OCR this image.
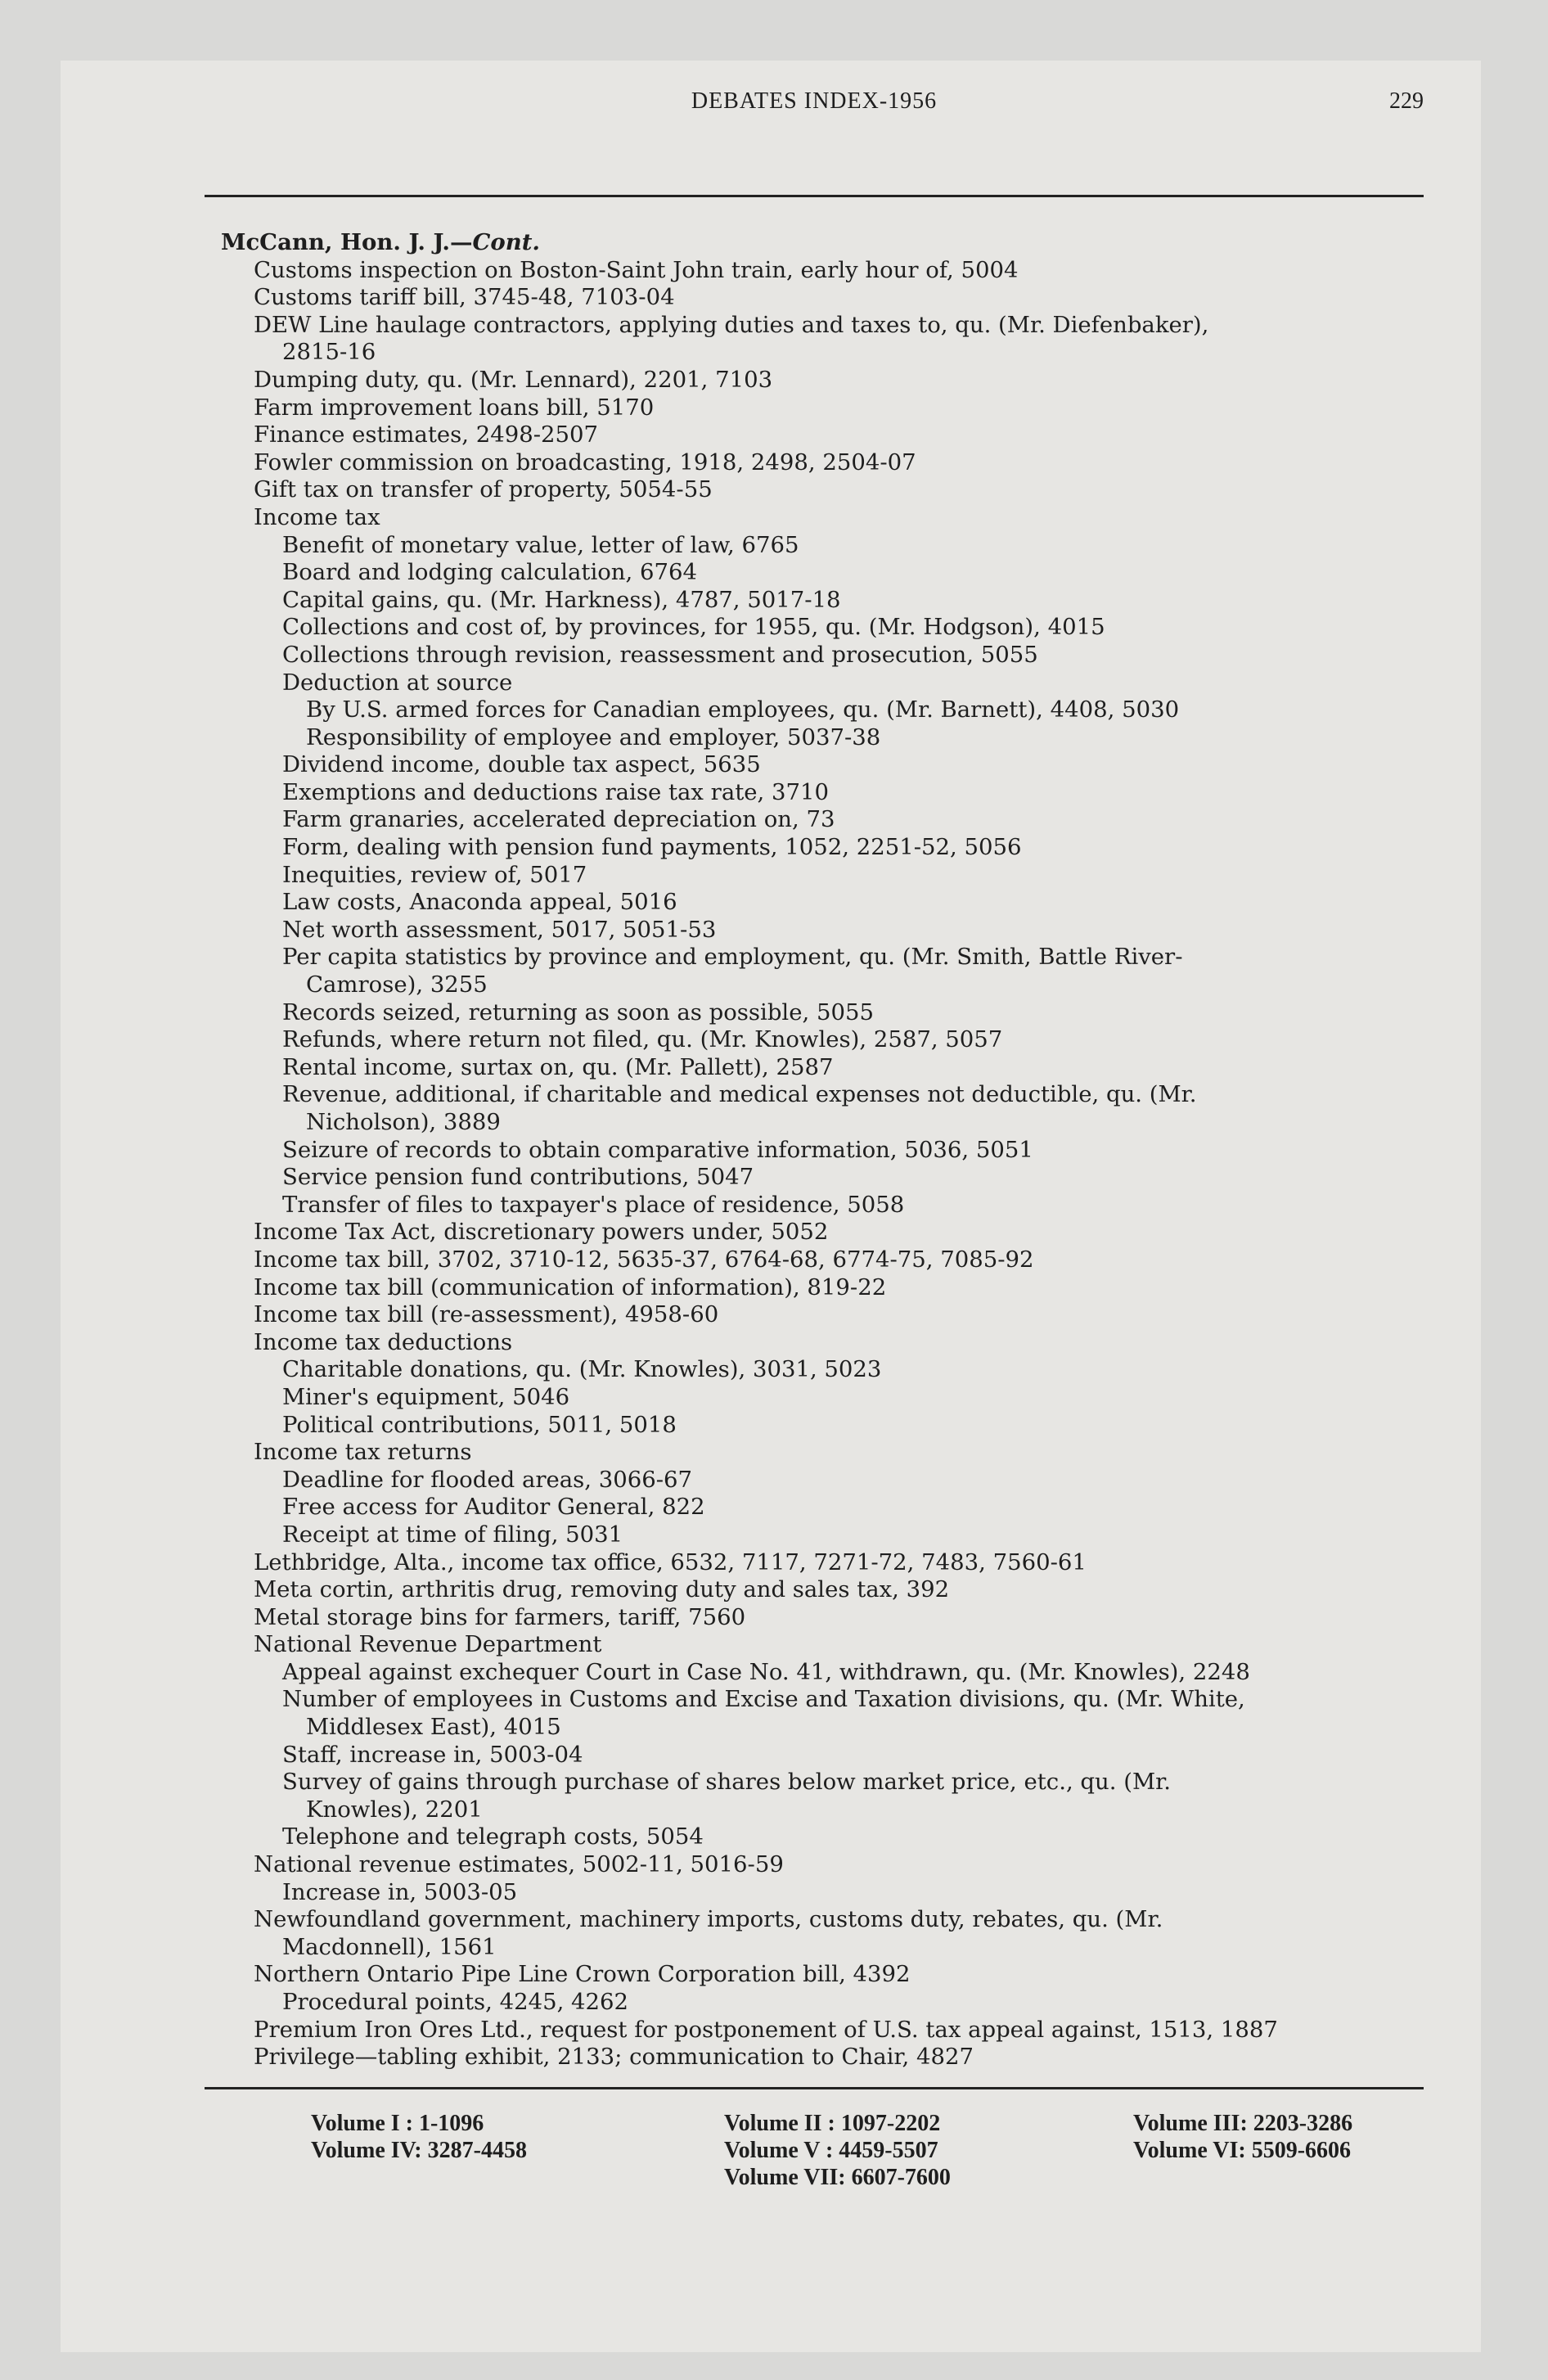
DEBATES INDEX-1956	229
McCann, Hon. J. J.—Cont.
Customs inspection on Boston-Saint John train, early hour of, 5004
Customs tariff bill, 3745-48, 7103-04
DEW Line haulage contractors, applying duties and taxes to, qu. (Mr. Diefenbaker),
2815-16
Dumping duty, qu. (Mr. Lennard), 2201, 7103
Farm improvement loans bill, 5170
Finance estimates, 2498-2507
Fowler commission on broadcasting, 1918, 2498, 2504-07
Gift tax on transfer of property, 5054-55
Income tax
Benefit of monetary value, letter of law, 6765
Board and lodging calculation, 6764
Capital gains, qu. (Mr. Harkness), 4787, 5017-18
Collections and cost of, by provinces, for 1955, qu. (Mr. Hodgson), 4015
Collections through revision, reassessment and prosecution, 5055
Deduction at source
By U.S. armed forces for Canadian employees, qu. (Mr. Barnett), 4408, 5030
Responsibility of employee and employer, 5037-38
Dividend income, double tax aspect, 5635
Exemptions and deductions raise tax rate, 3710
Farm granaries, accelerated depreciation on, 73
Form, dealing with pension fund payments, 1052, 2251-52, 5056
Inequities, review of, 5017
Law costs, Anaconda appeal, 5016
Net worth assessment, 5017, 5051-53
Per capita statistics by province and employment, qu. (Mr. Smith, Battle River-
Camrose), 3255
Records seized, returning as soon as possible, 5055
Refunds, where return not filed, qu. (Mr. Knowles), 2587, 5057
Rental income, surtax on, qu. (Mr. Pallett), 2587
Revenue, additional, if charitable and medical expenses not deductible, qu. (Mr.
Nicholson), 3889
Seizure of records to obtain comparative information, 5036, 5051
Service pension fund contributions, 5047
Transfer of files to taxpayer's place of residence, 5058
Income Tax Act, discretionary powers under, 5052
Income tax bill, 3702, 3710-12, 5635-37, 6764-68, 6774-75, 7085-92
Income tax bill (communication of information), 819-22
Income tax bill (re-assessment), 4958-60
Income tax deductions
Charitable donations, qu. (Mr. Knowles), 3031, 5023
Miner's equipment, 5046
Political contributions, 5011, 5018
Income tax returns
Deadline for flooded areas, 3066-67
Free access for Auditor General, 822
Receipt at time of filing, 5031
Lethbridge, Alta., income tax office, 6532, 7117, 7271-72, 7483, 7560-61
Meta cortin, arthritis drug, removing duty and sales tax, 392
Metal storage bins for farmers, tariff, 7560
National Revenue Department
Appeal against exchequer Court in Case No. 41, withdrawn, qu. (Mr. Knowles), 2248
Number of employees in Customs and Excise and Taxation divisions, qu. (Mr. White,
Middlesex East), 4015
Staff, increase in, 5003-04
Survey of gains through purchase of shares below market price, etc., qu. (Mr.
Knowles), 2201
Telephone and telegraph costs, 5054
National revenue estimates, 5002-11, 5016-59
Increase in, 5003-05
Newfoundland government, machinery imports, customs duty, rebates, qu. (Mr.
Macdonnell), 1561
Northern Ontario Pipe Line Crown Corporation bill, 4392
Procedural points, 4245, 4262
Premium Iron Ores Ltd., request for postponement of U.S. tax appeal against, 1513, 1887
Privilege—tabling exhibit, 2133; communication to Chair, 4827
Volume I : 1-1096
Volume IV: 3287-4458
Volume II : 1097-2202
Volume V : 4459-5507
Volume VII: 6607-7600
Volume III: 2203-3286
Volume VI: 5509-6606
